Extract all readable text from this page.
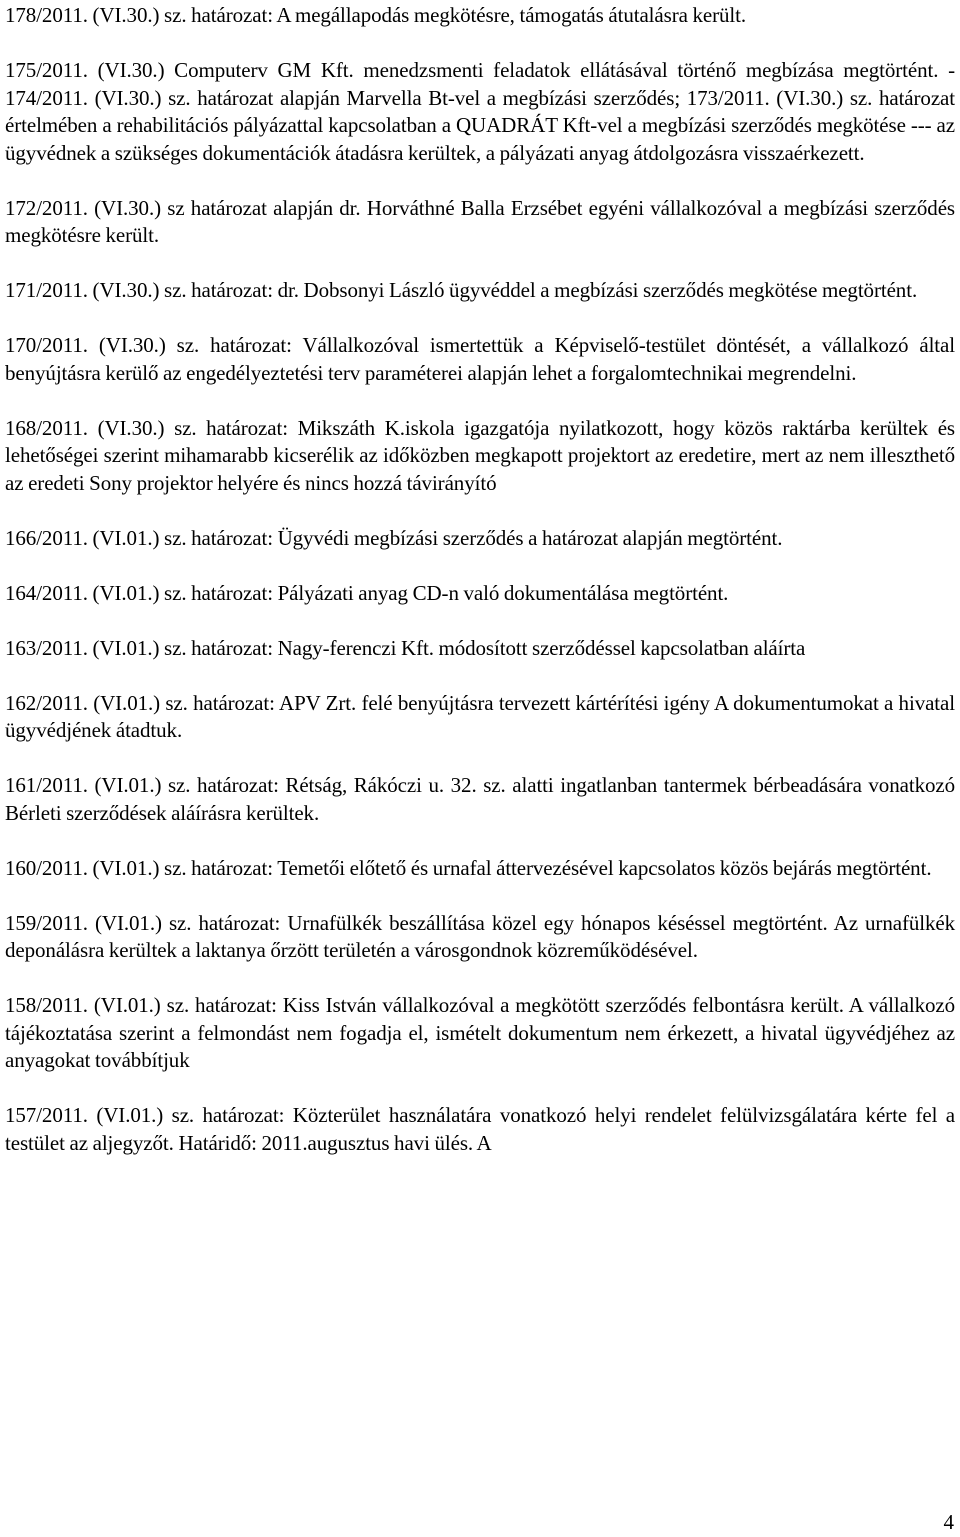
178/2011. (VI.30.) sz. határozat: A megállapodás megkötésre, támogatás átutalásra került.

175/2011. (VI.30.) Computerv GM Kft. menedzsmenti feladatok ellátásával történő megbízása megtörtént. - 174/2011. (VI.30.) sz. határozat alapján Marvella Bt-vel a megbízási szerződés; 173/2011. (VI.30.) sz. határozat értelmében a rehabilitációs pályázattal kapcsolatban a QUADRÁT Kft-vel a megbízási szerződés megkötése --- az ügyvédnek a szükséges dokumentációk átadásra kerültek, a pályázati anyag átdolgozásra visszaérkezett.

172/2011. (VI.30.) sz határozat alapján dr. Horváthné Balla Erzsébet egyéni vállalkozóval a megbízási szerződés megkötésre került.

171/2011. (VI.30.) sz. határozat: dr. Dobsonyi László ügyvéddel a megbízási szerződés megkötése megtörtént.

170/2011. (VI.30.) sz. határozat: Vállalkozóval ismertettük a Képviselő-testület döntését, a vállalkozó által benyújtásra kerülő az engedélyeztetési terv paraméterei alapján lehet a forgalomtechnikai megrendelni.

168/2011. (VI.30.) sz. határozat: Mikszáth K.iskola igazgatója nyilatkozott, hogy közös raktárba kerültek és lehetőségei szerint mihamarabb kicserélik az időközben megkapott projektort az eredetire, mert az nem illeszthető az eredeti Sony projektor helyére és nincs hozzá távirányító

166/2011. (VI.01.) sz. határozat: Ügyvédi megbízási szerződés a határozat alapján megtörtént.

164/2011. (VI.01.) sz. határozat: Pályázati anyag CD-n való dokumentálása megtörtént.

163/2011. (VI.01.) sz. határozat: Nagy-ferenczi Kft. módosított szerződéssel kapcsolatban aláírta

162/2011. (VI.01.) sz. határozat: APV Zrt. felé benyújtásra tervezett kártérítési igény A dokumentumokat a hivatal ügyvédjének átadtuk.

161/2011. (VI.01.) sz. határozat: Rétság, Rákóczi u. 32. sz. alatti ingatlanban tantermek bérbeadására vonatkozó Bérleti szerződések aláírásra kerültek.

160/2011. (VI.01.) sz. határozat: Temetői előtető és urnafal áttervezésével kapcsolatos közös bejárás megtörtént.

159/2011. (VI.01.) sz. határozat: Urnafülkék beszállítása közel egy hónapos késéssel megtörtént. Az urnafülkék deponálásra kerültek a laktanya őrzött területén a városgondnok közreműködésével.

158/2011. (VI.01.) sz. határozat: Kiss István vállalkozóval a megkötött szerződés felbontásra került. A vállalkozó tájékoztatása szerint a felmondást nem fogadja el, ismételt dokumentum nem érkezett, a hivatal ügyvédjéhez az anyagokat továbbítjuk

157/2011. (VI.01.) sz. határozat: Közterület használatára vonatkozó helyi rendelet felülvizsgálatára kérte fel a testület az aljegyzőt. Határidő: 2011.augusztus havi ülés. A

4
